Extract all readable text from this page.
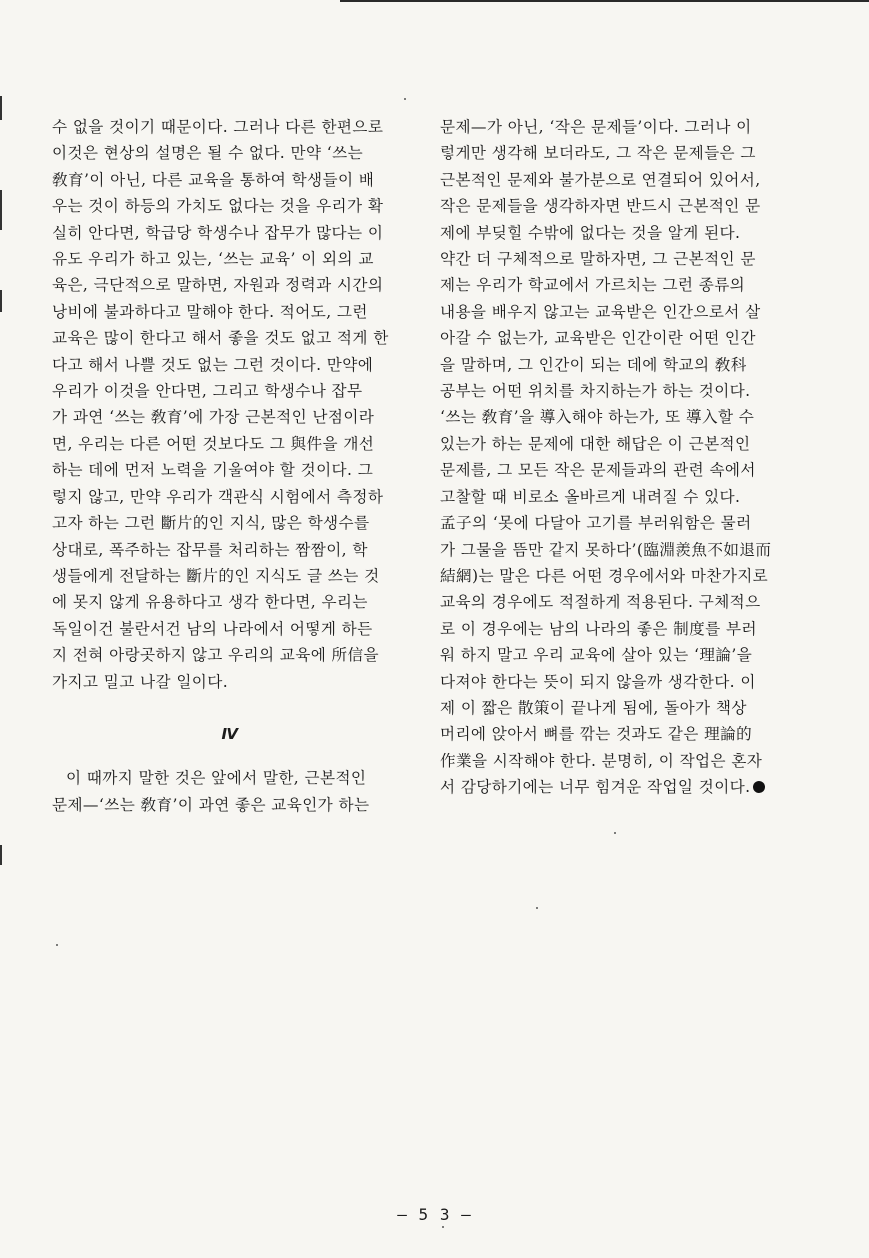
수 없을 것이기 때문이다. 그러나 다른 한편으로
이것은 현상의 설명은 될 수 없다. 만약 ‘쓰는
敎育’이 아닌, 다른 교육을 통하여 학생들이 배
우는 것이 하등의 가치도 없다는 것을 우리가 확
실히 안다면, 학급당 학생수나 잡무가 많다는 이
유도 우리가 하고 있는, ‘쓰는 교육’ 이 외의 교
육은, 극단적으로 말하면, 자원과 정력과 시간의
낭비에 불과하다고 말해야 한다. 적어도, 그런
교육은 많이 한다고 해서 좋을 것도 없고 적게 한
다고 해서 나쁠 것도 없는 그런 것이다. 만약에
우리가 이것을 안다면, 그리고 학생수나 잡무
가 과연 ‘쓰는 敎育’에 가장 근본적인 난점이라
면, 우리는 다른 어떤 것보다도 그 與件을 개선
하는 데에 먼저 노력을 기울여야 할 것이다. 그
렇지 않고, 만약 우리가 객관식 시험에서 측정하
고자 하는 그런 斷片的인 지식, 많은 학생수를
상대로, 폭주하는 잡무를 처리하는 짬짬이, 학
생들에게 전달하는 斷片的인 지식도 글 쓰는 것
에 못지 않게 유용하다고 생각 한다면, 우리는
독일이건 불란서건 남의 나라에서 어떻게 하든
지 전혀 아랑곳하지 않고 우리의 교육에 所信을
가지고 밀고 나갈 일이다.

Ⅳ

이 때까지 말한 것은 앞에서 말한, 근본적인
문제—‘쓰는 敎育’이 과연 좋은 교육인가 하는

문제—가 아닌, ‘작은 문제들’이다. 그러나 이
렇게만 생각해 보더라도, 그 작은 문제들은 그
근본적인 문제와 불가분으로 연결되어 있어서,
작은 문제들을 생각하자면 반드시 근본적인 문
제에 부딪힐 수밖에 없다는 것을 알게 된다.

약간 더 구체적으로 말하자면, 그 근본적인 문
제는 우리가 학교에서 가르치는 그런 종류의
내용을 배우지 않고는 교육받은 인간으로서 살
아갈 수 없는가, 교육받은 인간이란 어떤 인간
을 말하며, 그 인간이 되는 데에 학교의 敎科
공부는 어떤 위치를 차지하는가 하는 것이다.
‘쓰는 敎育’을 導入해야 하는가, 또 導入할 수
있는가 하는 문제에 대한 해답은 이 근본적인
문제를, 그 모든 작은 문제들과의 관련 속에서
고찰할 때 비로소 올바르게 내려질 수 있다.

孟子의 ‘못에 다달아 고기를 부러워함은 물러
가 그물을 뜸만 같지 못하다’(臨淵羨魚不如退而
結網)는 말은 다른 어떤 경우에서와 마찬가지로
교육의 경우에도 적절하게 적용된다. 구체적으
로 이 경우에는 남의 나라의 좋은 制度를 부러
워 하지 말고 우리 교육에 살아 있는 ‘理論’을
다져야 한다는 뜻이 되지 않을까 생각한다. 이
제 이 짧은 散策이 끝나게 됨에, 돌아가 책상
머리에 앉아서 뼈를 깎는 것과도 같은 理論的
作業을 시작해야 한다. 분명히, 이 작업은 혼자
서 감당하기에는 너무 힘겨운 작업일 것이다.

— 5 3 —
